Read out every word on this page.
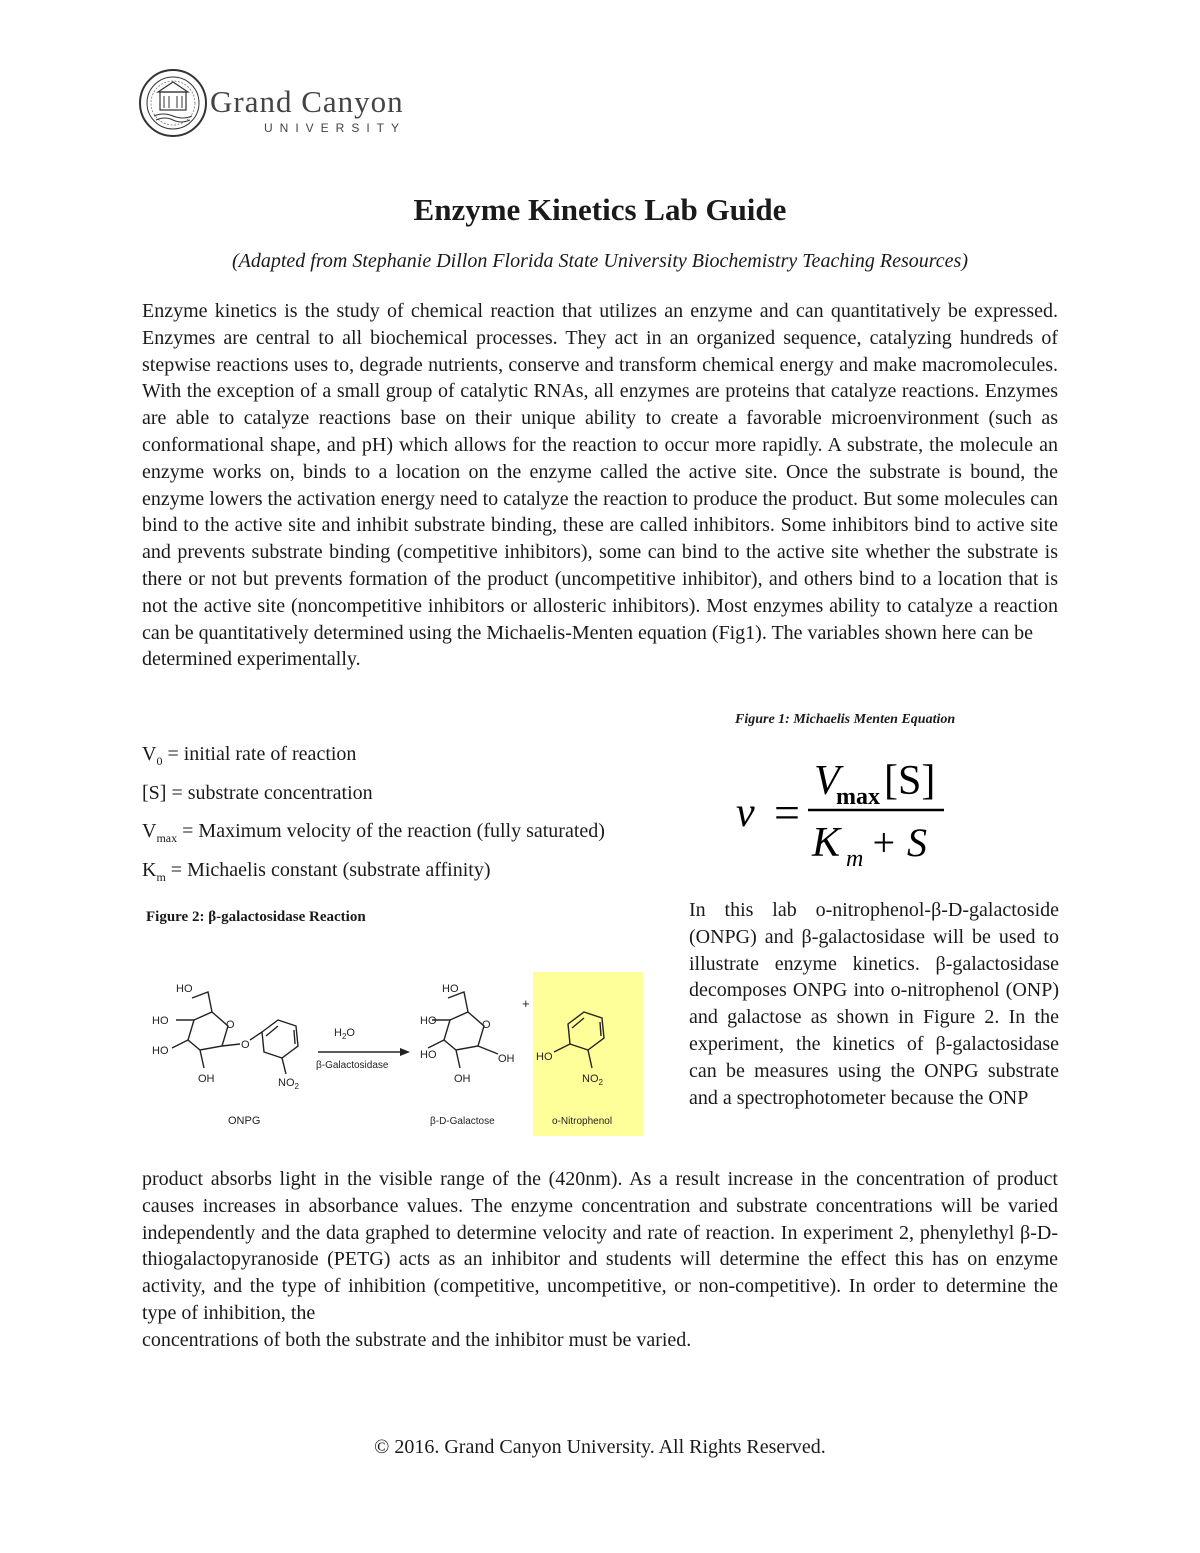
Grand Canyon
UNIVERSITY
Enzyme Kinetics Lab Guide

(Adapted from Stephanie Dillon Florida State University Biochemistry Teaching Resources)

Enzyme kinetics is the study of chemical reaction that utilizes an enzyme and can quantitatively be expressed. Enzymes are central to all biochemical processes. They act in an organized sequence, catalyzing hundreds of stepwise reactions uses to, degrade nutrients, conserve and transform chemical energy and make macromolecules. With the exception of a small group of catalytic RNAs, all enzymes are proteins that catalyze reactions. Enzymes are able to catalyze reactions base on their unique ability to create a favorable microenvironment (such as conformational shape, and pH) which allows for the reaction to occur more rapidly. A substrate, the molecule an enzyme works on, binds to a location on the enzyme called the active site. Once the substrate is bound, the enzyme lowers the activation energy need to catalyze the reaction to produce the product. But some molecules can bind to the active site and inhibit substrate binding, these are called inhibitors. Some inhibitors bind to active site and prevents substrate binding (competitive inhibitors), some can bind to the active site whether the substrate is there or not but prevents formation of the product (uncompetitive inhibitor), and others bind to a location that is not the active site (noncompetitive inhibitors or allosteric inhibitors). Most enzymes ability to catalyze a reaction can be quantitatively determined using the Michaelis-Menten equation (Fig1). The variables shown here can be
determined experimentally.
Figure 1: Michaelis Menten Equation
v =
V
max [S]
K m + S
$V_0$ = initial rate of reaction
[S] = substrate concentration
$V_{max}$ = Maximum velocity of the reaction (fully saturated)
$K_m$ = Michaelis constant (substrate affinity)
Figure 2: β-galactosidase Reaction
HO
HO
HO
OH
O
O
$NO_2$
ONPG
$H_2O$
β-Galactosidase
HO
HO
HO
OH
OH
O
β-D-Galactose
+
HO
$NO_2$
o-Nitrophenol

In this lab o-nitrophenol-β-D-galactoside (ONPG) and β-galactosidase will be used to illustrate enzyme kinetics. β-galactosidase decomposes ONPG into o-nitrophenol (ONP) and galactose as shown in Figure 2. In the experiment, the kinetics of β-galactosidase can be measures using the ONPG substrate and a spectrophotometer because the ONP

product absorbs light in the visible range of the (420nm). As a result increase in the concentration of product causes increases in absorbance values. The enzyme concentration and substrate concentrations will be varied independently and the data graphed to determine velocity and rate of reaction. In experiment 2, phenylethyl β-D-thiogalactopyranoside (PETG) acts as an inhibitor and students will determine the effect this has on enzyme activity, and the type of inhibition (competitive, uncompetitive, or non-competitive). In order to determine the type of inhibition, the
concentrations of both the substrate and the inhibitor must be varied.

© 2016. Grand Canyon University. All Rights Reserved.
